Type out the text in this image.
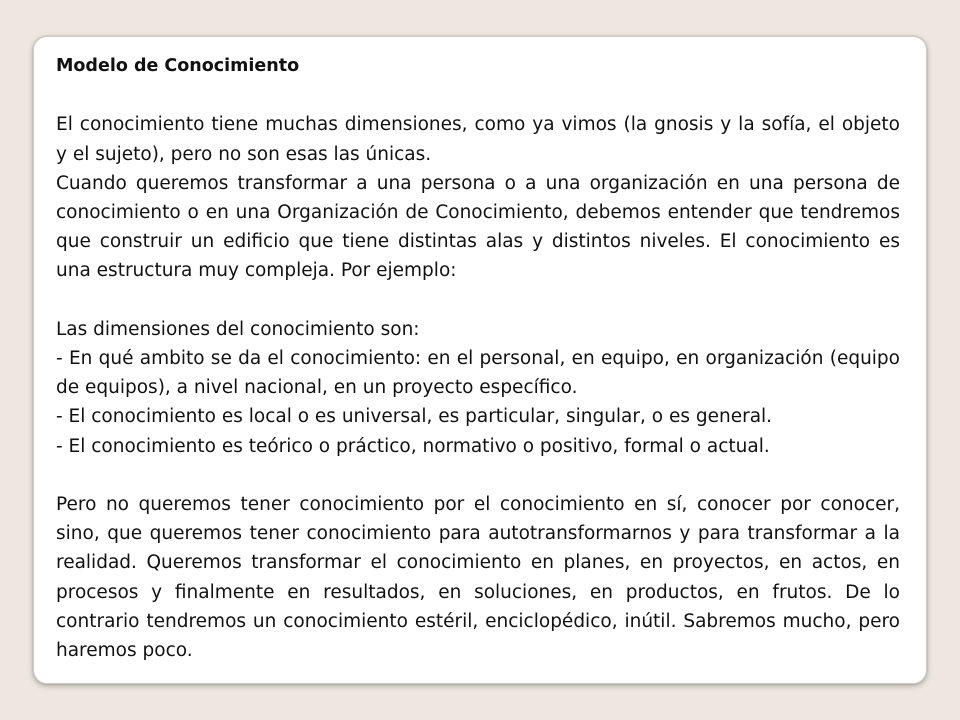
Modelo de Conocimiento

El conocimiento tiene muchas dimensiones, como ya vimos (la gnosis y la sofía, el objeto y el sujeto), pero no son esas las únicas.

Cuando queremos transformar a una persona o a una organización en una persona de conocimiento o en una Organización de Conocimiento, debemos entender que tendremos que construir un edificio que tiene distintas alas y distintos niveles. El conocimiento es una estructura muy compleja. Por ejemplo:

Las dimensiones del conocimiento son:

- En qué ambito se da el conocimiento: en el personal, en equipo, en organización (equipo de equipos), a nivel nacional, en un proyecto específico.

- El conocimiento es local o es universal, es particular, singular, o es general.

- El conocimiento es teórico o práctico, normativo o positivo, formal o actual.

Pero no queremos tener conocimiento por el conocimiento en sí, conocer por conocer, sino, que queremos tener conocimiento para autotransformarnos y para transformar a la realidad. Queremos transformar el conocimiento en planes, en proyectos, en actos, en procesos y finalmente en resultados, en soluciones, en productos, en frutos. De lo contrario tendremos un conocimiento estéril, enciclopédico, inútil. Sabremos mucho, pero haremos poco.
